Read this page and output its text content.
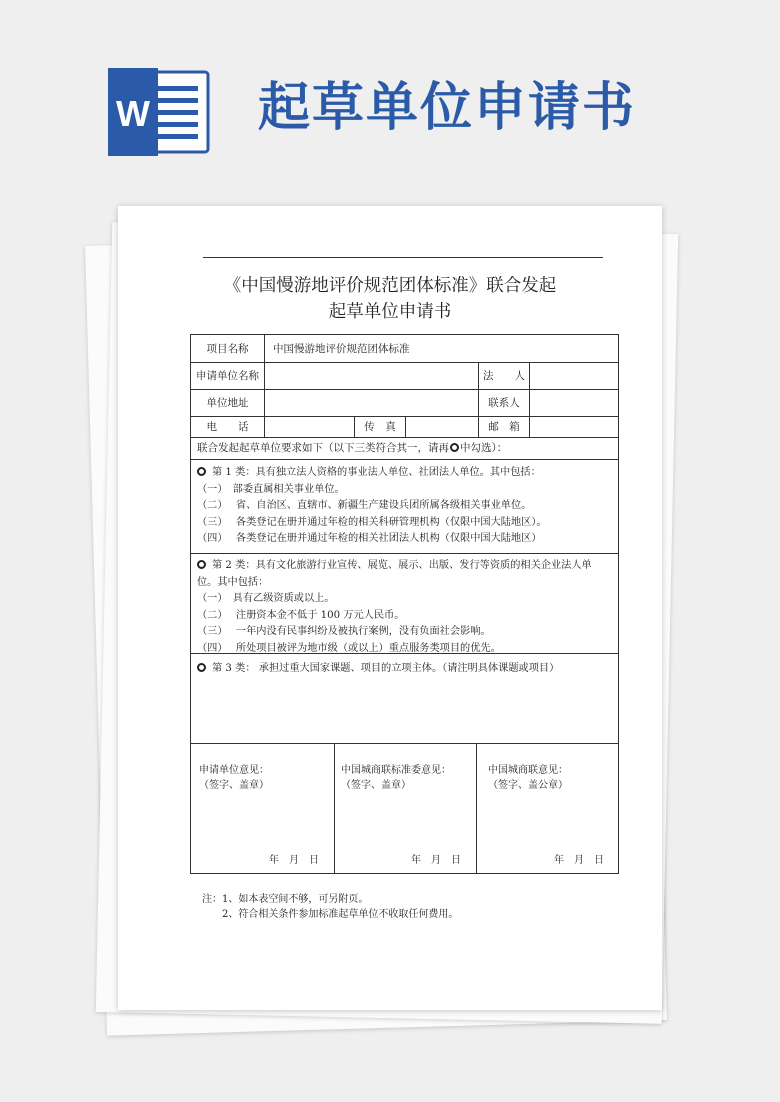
W 起草单位申请书
《中国慢游地评价规范团体标准》联合发起
起草单位申请书
项目名称	中国慢游地评价规范团体标准
申请单位名称	法　　人
单位地址	联系人
电　　话	传　真	邮　箱
联合发起起草单位要求如下（以下三类符合其一，请再 中勾选）：

第 1 类：具有独立法人资格的事业法人单位、社团法人单位。其中包括：

（一）　部委直属相关事业单位。

（二）　 省、自治区、直辖市、新疆生产建设兵团所属各级相关事业单位。

（三）　 各类登记在册并通过年检的相关科研管理机构（仅限中国大陆地区）。

（四）　 各类登记在册并通过年检的相关社团法人机构（仅限中国大陆地区）

第 2 类：具有文化旅游行业宣传、展览、展示、出版、发行等资质的相关企业法人单位。其中包括：

（一）　具有乙级资质或以上。

（二）　 注册资本金不低于 100 万元人民币。

（三）　 一年内没有民事纠纷及被执行案例，没有负面社会影响。

（四）　 所处项目被评为地市级（或以上）重点服务类项目的优先。

第 3 类： 承担过重大国家课题、项目的立项主体。（请注明具体课题或项目）

申请单位意见：

（签字、盖章）

年　月　日

中国城商联标准委意见：

（签字、盖章）

年　月　日

中国城商联意见：

（签字、盖公章）

年　月　日

注：1、如本表空间不够，可另附页。

2、符合相关条件参加标准起草单位不收取任何费用。
